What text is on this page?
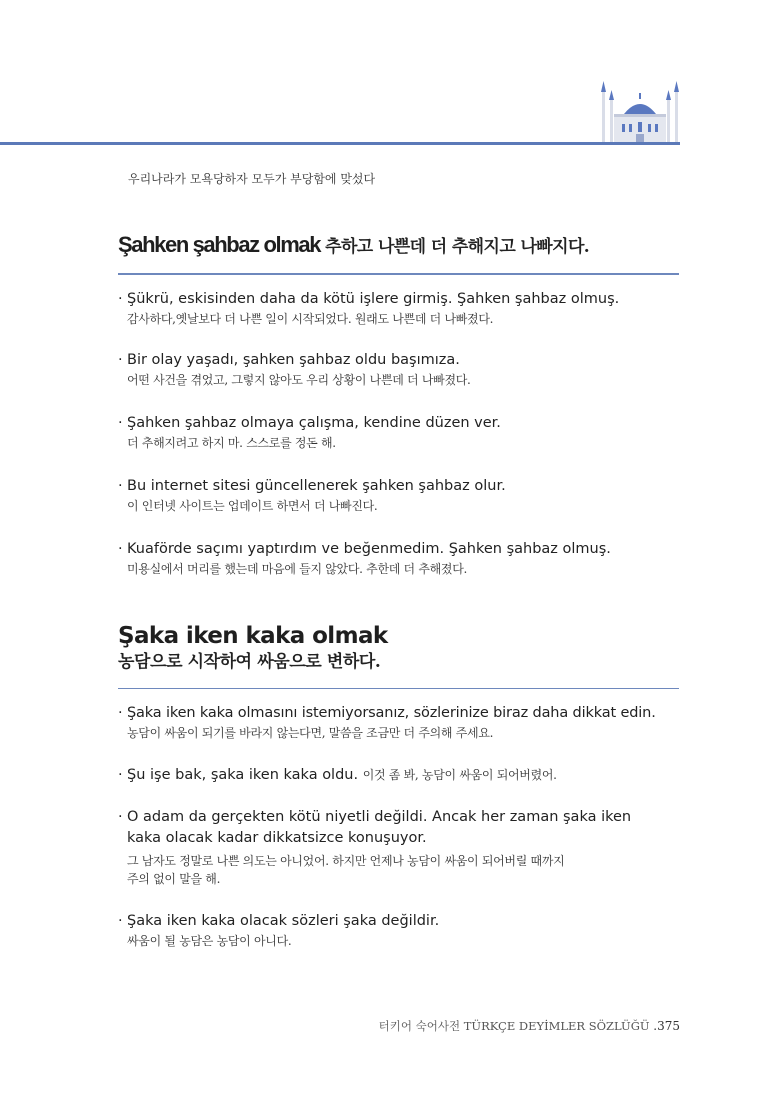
우리나라가 모욕당하자 모두가 부당함에 맞섰다
Şahken şahbaz olmak 추하고 나쁜데 더 추해지고 나빠지다.
· Şükrü, eskisinden daha da kötü işlere girmiş. Şahken şahbaz olmuş.
감사하다,옛날보다 더 나쁜 일이 시작되었다. 원래도 나쁜데 더 나빠졌다.
· Bir olay yaşadı, şahken şahbaz oldu başımıza.
어떤 사건을 겪었고, 그렇지 않아도 우리 상황이 나쁜데 더 나빠졌다.
· Şahken şahbaz olmaya çalışma, kendine düzen ver.
더 추해지려고 하지 마. 스스로를 정돈 해.
· Bu internet sitesi güncellenerek şahken şahbaz olur.
이 인터넷 사이트는 업데이트 하면서 더 나빠진다.
· Kuaförde saçımı yaptırdım ve beğenmedim. Şahken şahbaz olmuş.
미용실에서 머리를 했는데 마음에 들지 않았다. 추한데 더 추해졌다.
Şaka iken kaka olmak
농담으로 시작하여 싸움으로 변하다.
· Şaka iken kaka olmasını istemiyorsanız, sözlerinize biraz daha dikkat edin.
농담이 싸움이 되기를 바라지 않는다면, 말씀을 조금만 더 주의해 주세요.
· Şu işe bak, şaka iken kaka oldu. 이것 좀 봐, 농담이 싸움이 되어버렸어.
· O adam da gerçekten kötü niyetli değildi. Ancak her zaman şaka iken
kaka olacak kadar dikkatsizce konuşuyor.
그 남자도 정말로 나쁜 의도는 아니었어. 하지만 언제나 농담이 싸움이 되어버릴 때까지
주의 없이 말을 해.
· Şaka iken kaka olacak sözleri şaka değildir.
싸움이 될 농담은 농담이 아니다.
터키어 숙어사전 TÜRKÇE DEYİMLER SÖZLÜĞÜ .375
